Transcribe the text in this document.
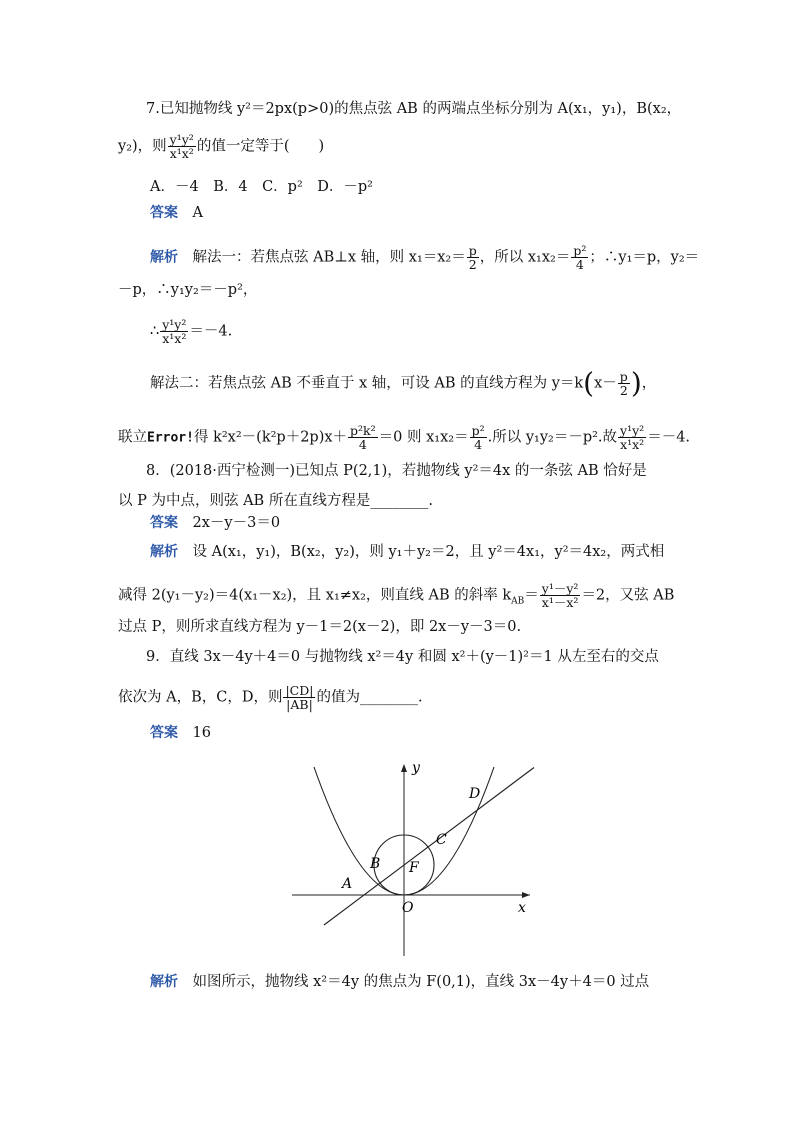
7.已知抛物线 y²＝2px(p>0)的焦点弦 AB 的两端点坐标分别为 A(x₁，y₁)，B(x₂，
y₂)，则 $\frac{\text{y¹y²}}{\text{x¹x²}}$ 的值一定等于(　　)
A．－4　B．4　C．p²　D．－p²
答案　 A
解析　 解法一：若焦点弦 AB⊥x 轴，则 $x_1=x_2= \frac{p}{2}$ ，所以 $x_1x_2= \frac{\text{p²}}{4}$ ；∴y₁＝p，y₂＝
－p，∴y₁y₂＝－p²，
∴ $\frac{\text{y¹y²}}{\text{x¹x²}} =-4$.
解法二：若焦点弦 AB 不垂直于 x 轴，可设 AB 的直线方程为 $y=k(x- \frac{p}{2}$ )，
联立Error!得 $k^2x^2-(k^2p+2p)x+ \frac{\text{p²k²}}{4} =0$ 则 $x_1x_2= \frac{\text{p²}}{4}$ .所以 y₁y₂＝－p².故 $\frac{\text{y¹y²}}{\text{x¹x²}} =-4$.
8．(2018·西宁检测一)已知点 P(2,1)，若抛物线 y²＝4x 的一条弦 AB 恰好是
以 P 为中点，则弦 AB 所在直线方程是________.
答案　 2x－y－3＝0
解析　 设 A(x₁，y₁)，B(x₂，y₂)，则 y₁＋y₂＝2，且 y²＝4x₁，y²＝4x₂，两式相
减得 2(y₁－y₂)＝4(x₁－x₂)，且 x₁≠x₂，则直线 AB 的斜率 $k_{AB}= \frac{\text{y¹－y²}}{\text{x¹－x²}} =2$，又弦 AB
过点 P，则所求直线方程为 y－1＝2(x－2)，即 2x－y－3＝0.
9．直线 3x－4y＋4＝0 与抛物线 x²＝4y 和圆 x²＋(y－1)²＝1 从左至右的交点
依次为 A，B，C，D，则 $\frac{|CD|}{|AB|}$ 的值为________.
答案　 16
y
x
O
A
B
C
D
F
解析　 如图所示，抛物线 x²＝4y 的焦点为 F(0,1)，直线 3x－4y＋4＝0 过点
